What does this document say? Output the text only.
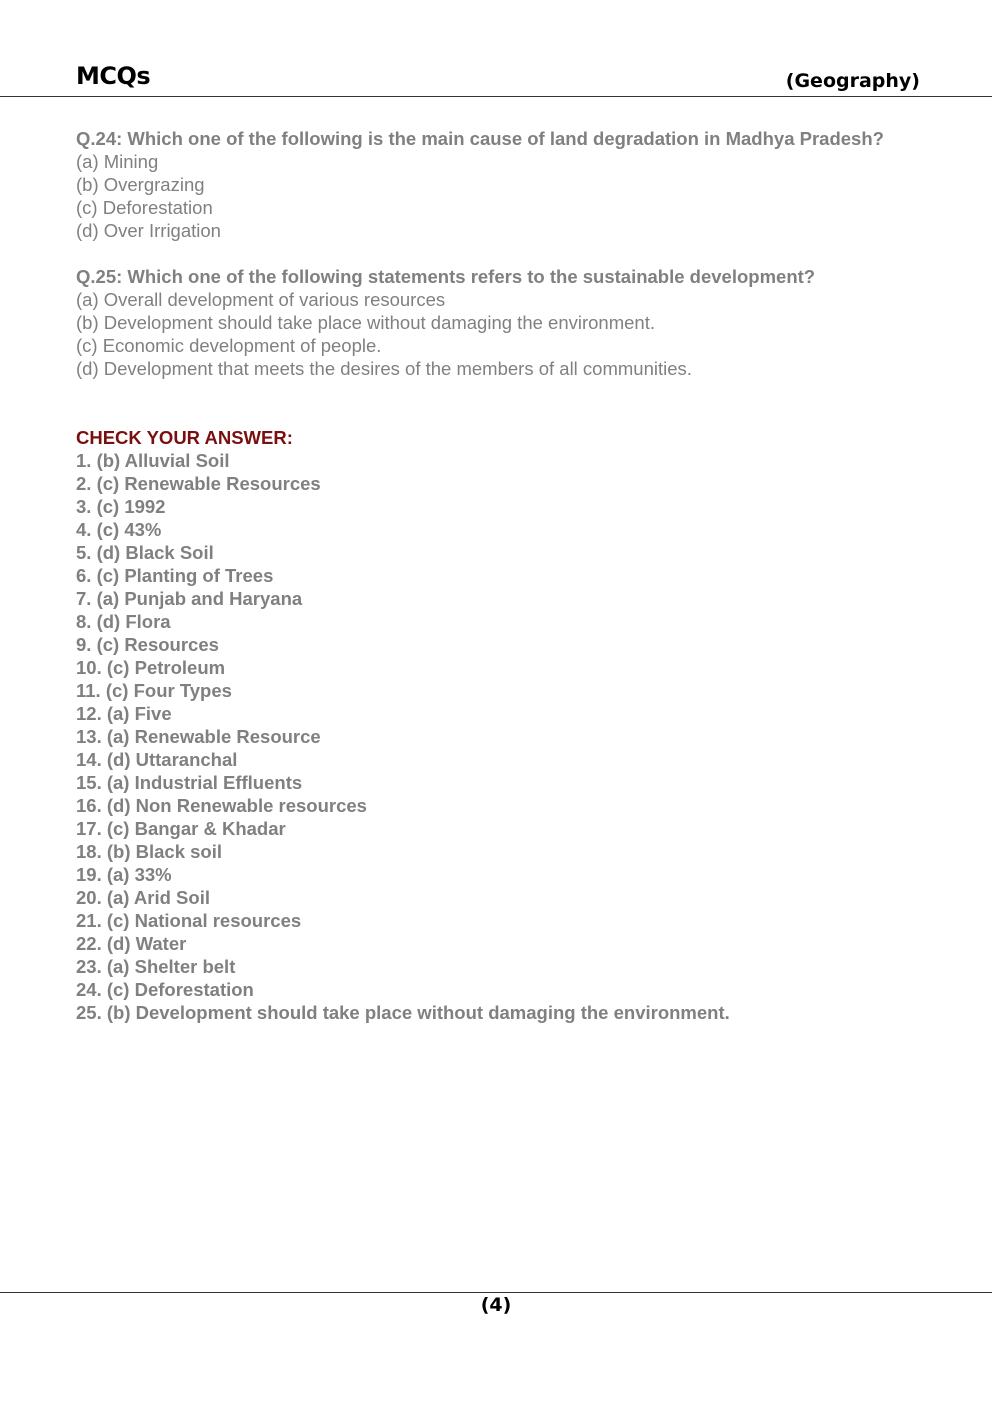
MCQs	(Geography)
Q.24: Which one of the following is the main cause of land degradation in Madhya Pradesh?
(a) Mining
(b) Overgrazing
(c) Deforestation
(d) Over Irrigation
Q.25: Which one of the following statements refers to the sustainable development?
(a) Overall development of various resources
(b) Development should take place without damaging the environment.
(c) Economic development of people.
(d) Development that meets the desires of the members of all communities.
CHECK YOUR ANSWER:
1. (b) Alluvial Soil
2. (c) Renewable Resources
3. (c) 1992
4. (c) 43%
5. (d) Black Soil
6. (c) Planting of Trees
7. (a) Punjab and Haryana
8. (d) Flora
9. (c) Resources
10. (c) Petroleum
11. (c) Four Types
12. (a) Five
13. (a) Renewable Resource
14. (d) Uttaranchal
15. (a) Industrial Effluents
16. (d) Non Renewable resources
17. (c) Bangar & Khadar
18. (b) Black soil
19. (a) 33%
20. (a) Arid Soil
21. (c) National resources
22. (d) Water
23. (a) Shelter belt
24. (c) Deforestation
25. (b) Development should take place without damaging the environment.
(4)
